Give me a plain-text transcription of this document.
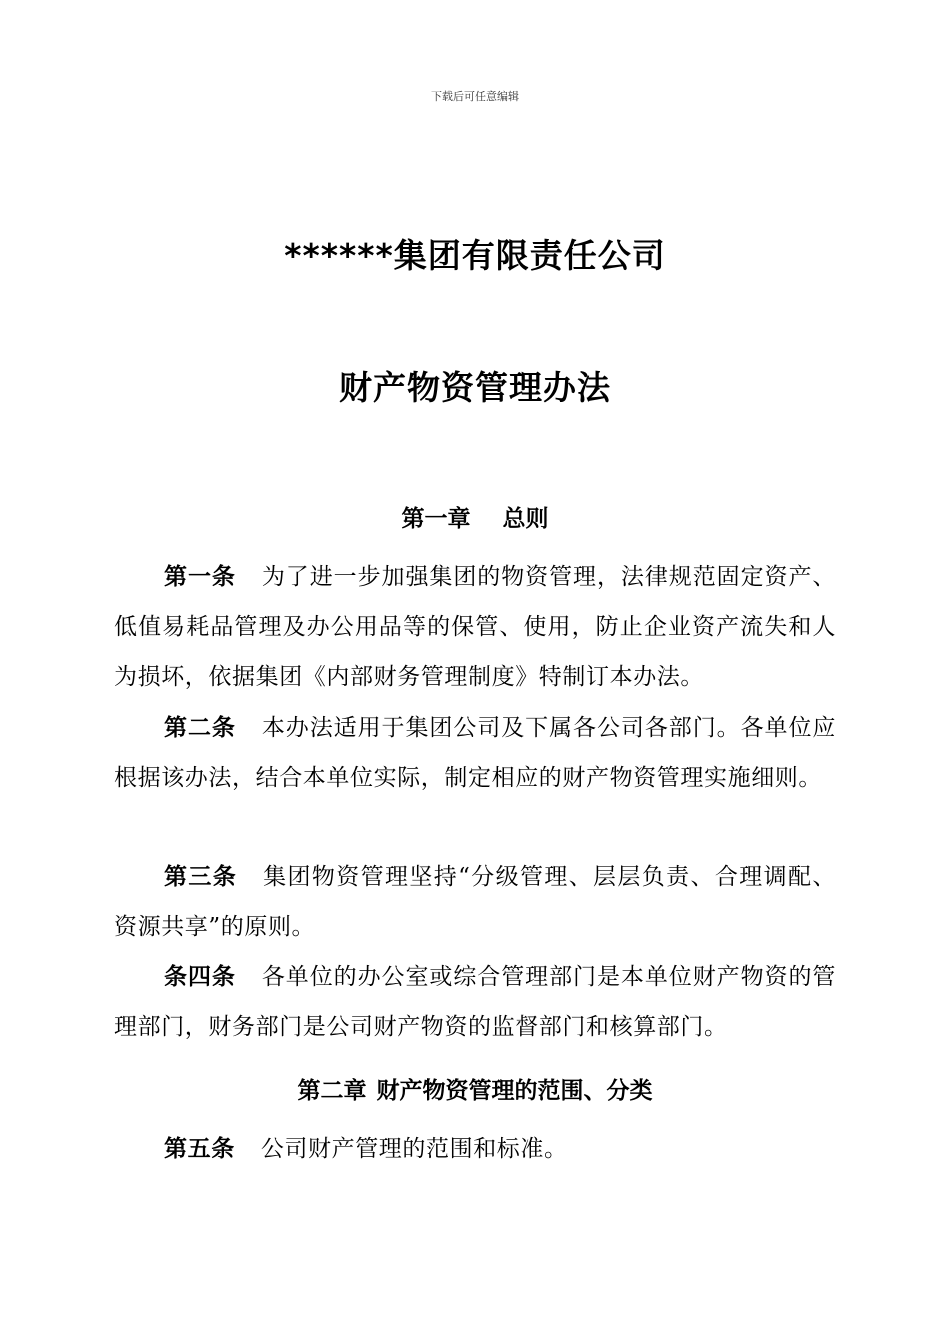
下载后可任意编辑
******集团有限责任公司
财产物资管理办法
第一章 总则
第一条 为了进一步加强集团的物资管理，法律规范固定资产、低值易耗品管理及办公用品等的保管、使用，防止企业资产流失和人为损坏，依据集团《内部财务管理制度》特制订本办法。
第二条 本办法适用于集团公司及下属各公司各部门。各单位应根据该办法，结合本单位实际，制定相应的财产物资管理实施细则。
第三条 集团物资管理坚持“分级管理、层层负责、合理调配、资源共享”的原则。
条四条 各单位的办公室或综合管理部门是本单位财产物资的管理部门，财务部门是公司财产物资的监督部门和核算部门。
第二章 财产物资管理的范围、分类
第五条 公司财产管理的范围和标准。
